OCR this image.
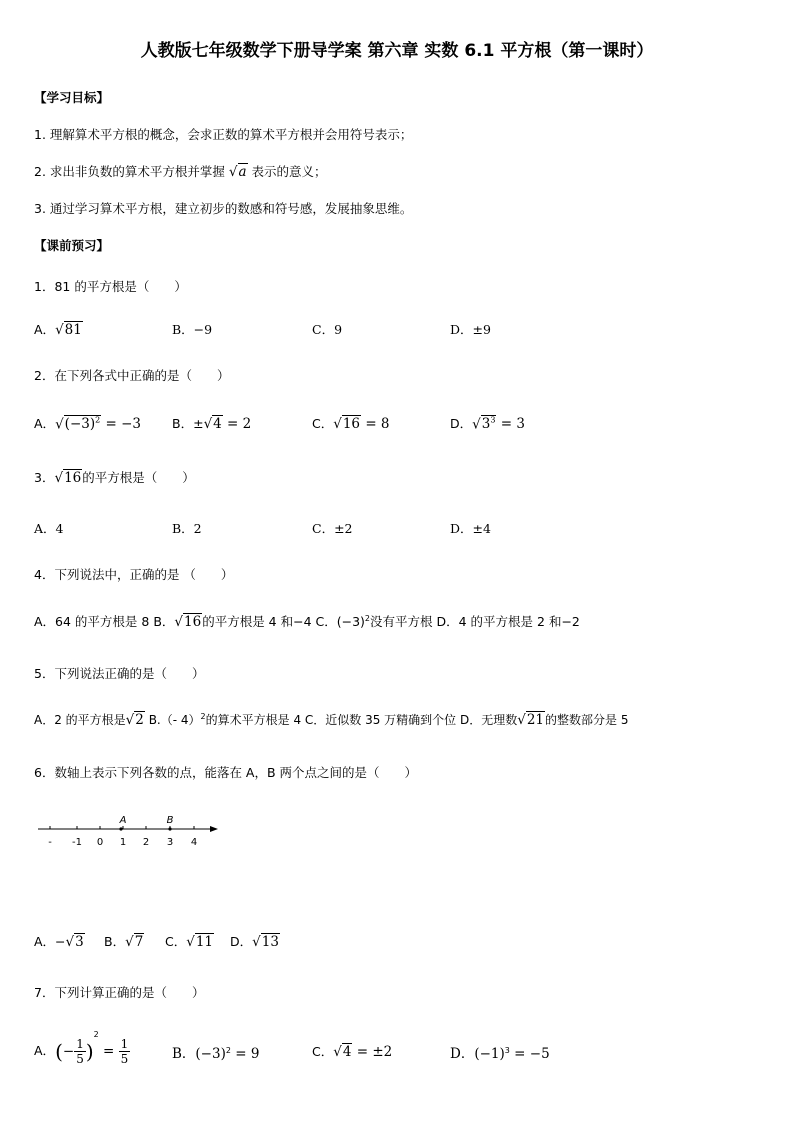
人教版七年级数学下册导学案 第六章 实数 6.1 平方根（第一课时）
【学习目标】
1. 理解算术平方根的概念，会求正数的算术平方根并会用符号表示；
2. 求出非负数的算术平方根并掌握 √a 表示的意义；
3. 通过学习算术平方根，建立初步的数感和符号感，发展抽象思维。
【课前预习】
1．81 的平方根是（　　）
A．√81	B．−9	C．9	D．±9
2．在下列各式中正确的是（　　）
A．$√(-3)^2 = -3$ B．±√4 = 2	C．√16 = 8	D．$√3^3 = 3$
3．√16的平方根是（　　）
A．4	B．2	C．±2	D．±4
4．下列说法中，正确的是 （　　）
A．64 的平方根是 8 B．√16的平方根是 4 和−4 C．$(-3)^2$没有平方根 D．4 的平方根是 2 和−2
5．下列说法正确的是（　　）
A．2 的平方根是√2 B.（- 4）$^2$的算术平方根是 4 C．近似数 35 万精确到个位 D．无理数√21的整数部分是 5
6．数轴上表示下列各数的点，能落在 A，B 两个点之间的是（　　）
- -1 0 1 2 3 4
A	B
A．−√3 B．√7 C．√11 D．√13
7．下列计算正确的是（　　）
A．(− $\frac{1}{5} )^2 = \frac{1}{5}$	B．$(-3)^2 = 9$	C．√4 = ±2	D．$(-1)^3 = -5$
